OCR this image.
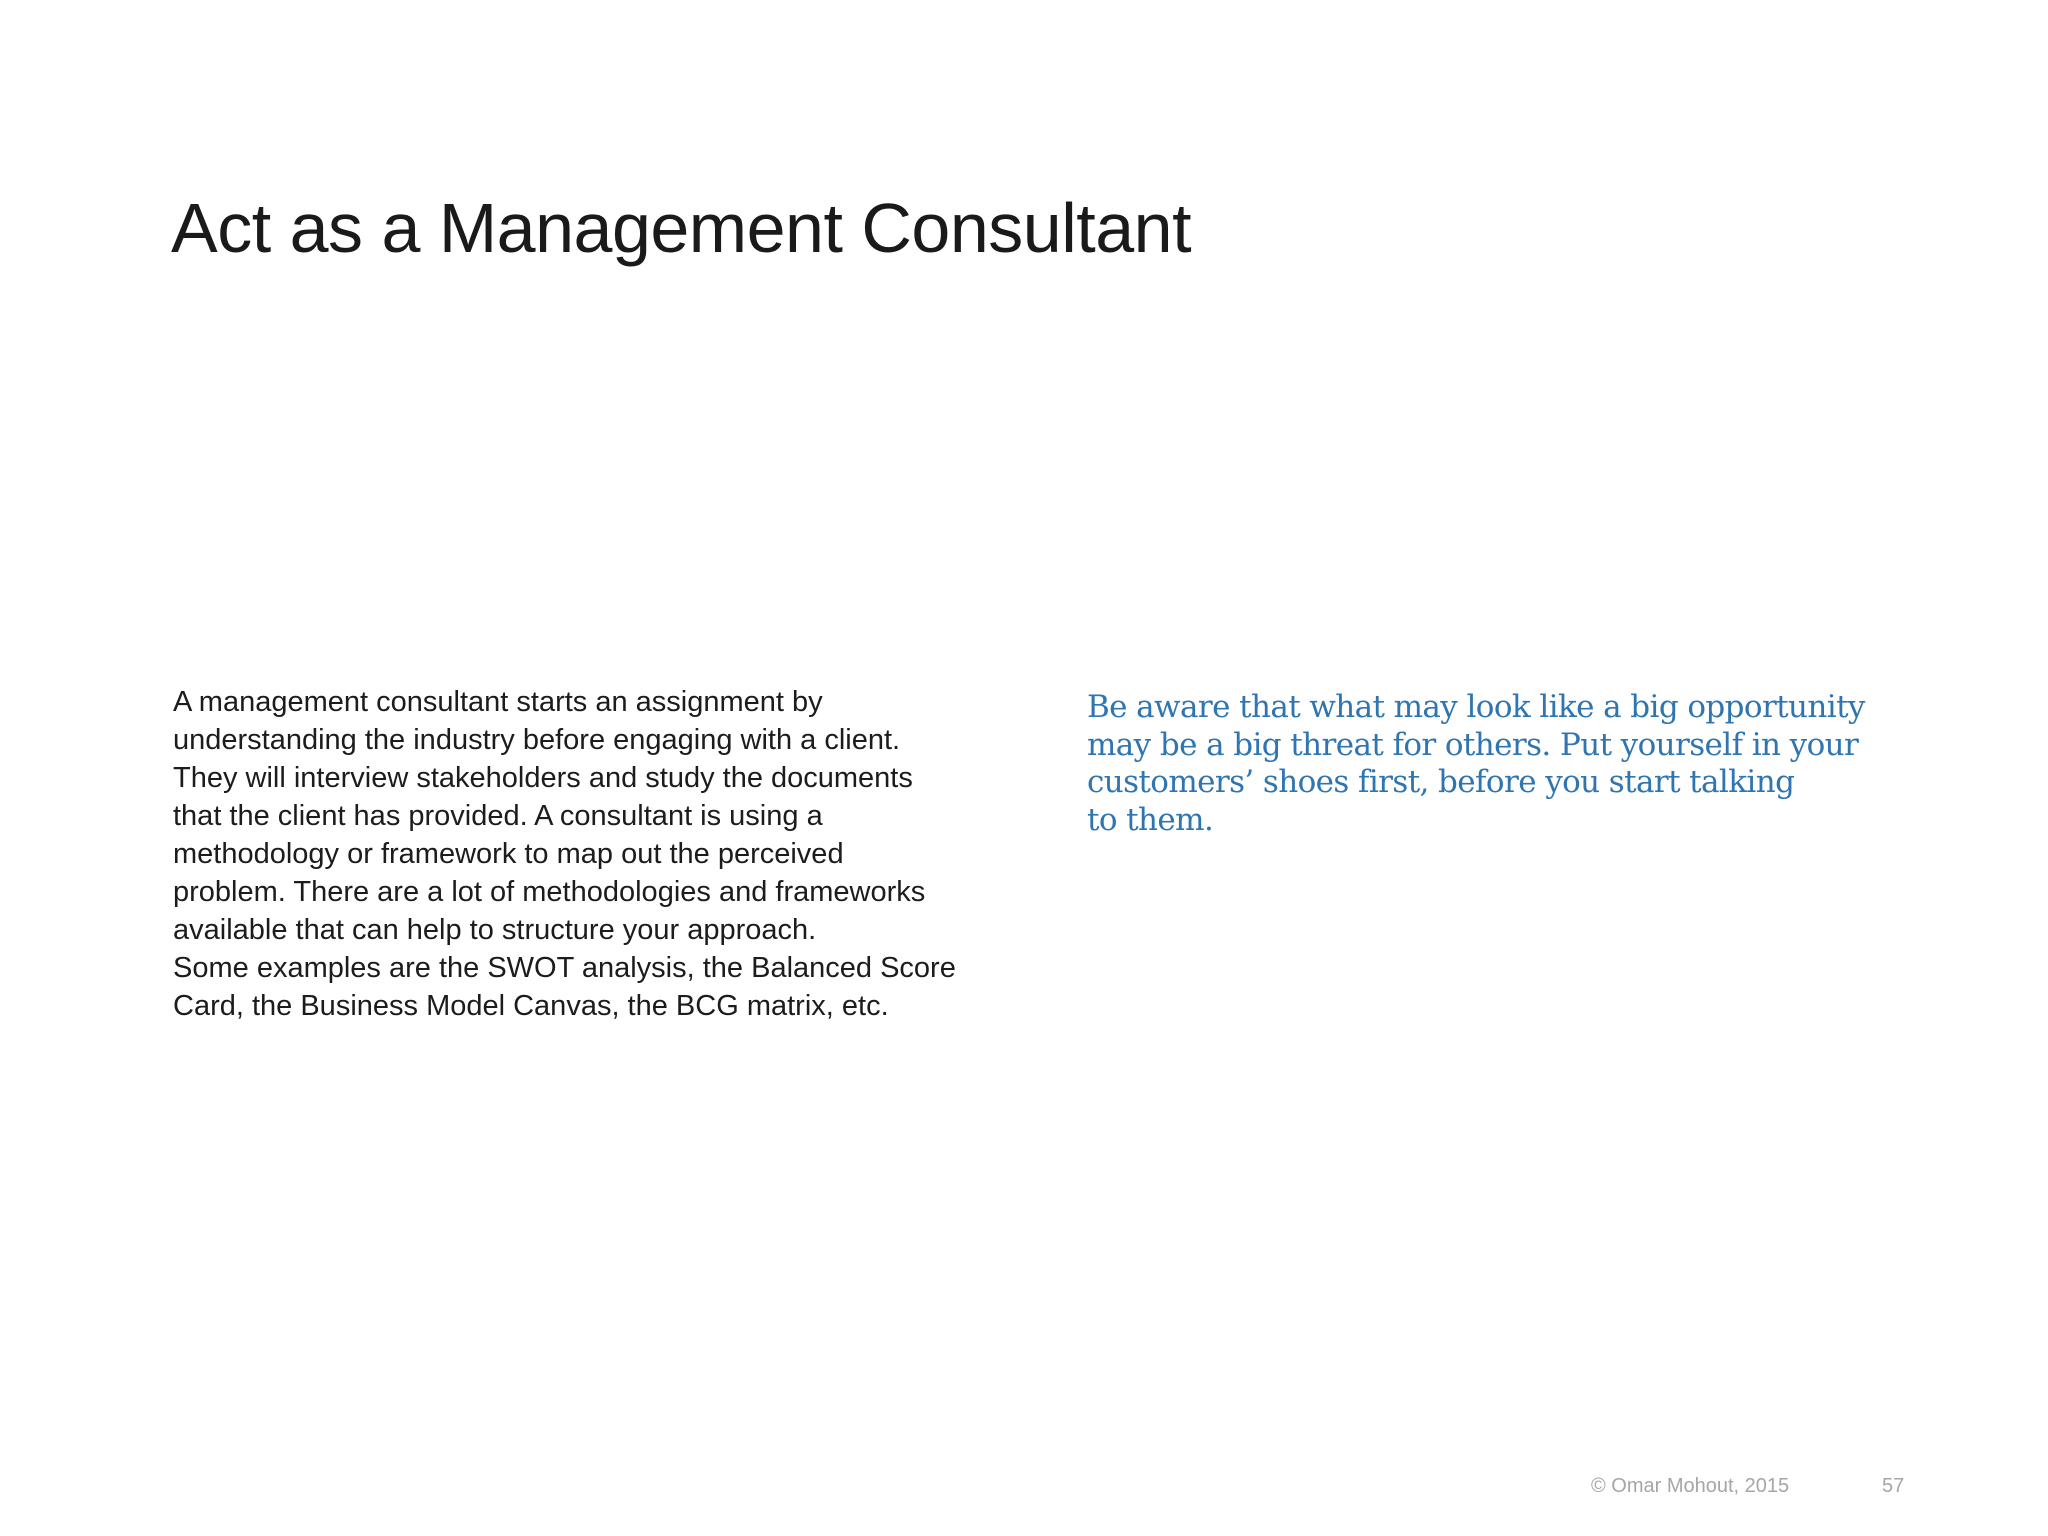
Act as a Management Consultant
A management consultant starts an assignment by
understanding the industry before engaging with a client.
They will interview stakeholders and study the documents
that the client has provided. A consultant is using a
methodology or framework to map out the perceived
problem. There are a lot of methodologies and frameworks
available that can help to structure your approach.
Some examples are the SWOT analysis, the Balanced Score
Card, the Business Model Canvas, the BCG matrix, etc.
Be aware that what may look like a big opportunity
may be a big threat for others. Put yourself in your
customers’ shoes first, before you start talking
to them.
© Omar Mohout, 2015	57
